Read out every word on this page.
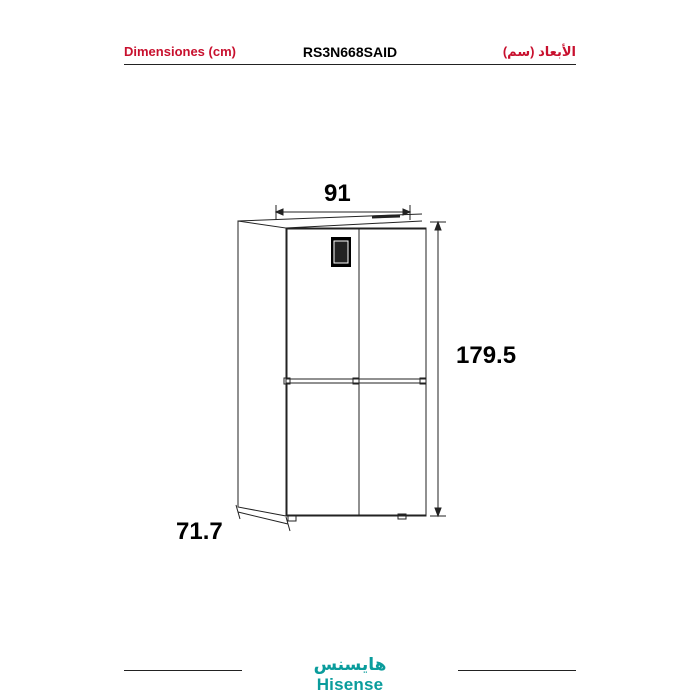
Dimensiones (cm)	RS3N668SAID	الأبعاد (سم)
91
179.5
71.7
هايسنس
Hisense
